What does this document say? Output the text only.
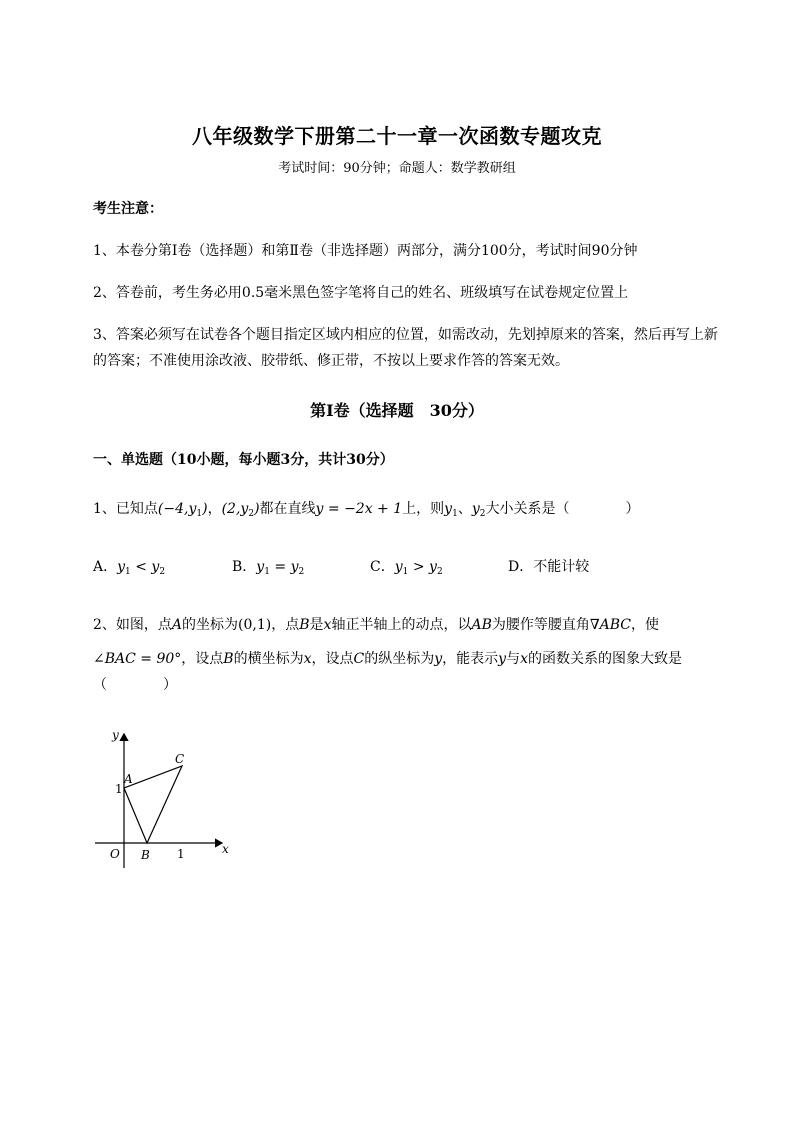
八年级数学下册第二十一章一次函数专题攻克
考试时间：90分钟；命题人：数学教研组
考生注意：
1、本卷分第I卷（选择题）和第Ⅱ卷（非选择题）两部分，满分100分，考试时间90分钟
2、答卷前，考生务必用0.5毫米黑色签字笔将自己的姓名、班级填写在试卷规定位置上
3、答案必须写在试卷各个题目指定区域内相应的位置，如需改动，先划掉原来的答案，然后再写上新
的答案；不准使用涂改液、胶带纸、修正带，不按以上要求作答的答案无效。
第I卷（选择题　30分）
一、单选题（10小题，每小题3分，共计30分）
1、已知点$(-4,y_1)$，$(2,y_2)$都在直线y = −2x + 1上，则$y_1$、$y_2$大小关系是（　　　　）
A．$y_1 < y_2$	B．$y_1 = y_2$	C．$y_1 > y_2$	D．不能计较
2、如图，点A的坐标为(0,1)，点B是x轴正半轴上的动点，以AB为腰作等腰直角∇ABC，使
∠BAC = 90°，设点B的横坐标为x，设点C的纵坐标为y，能表示y与x的函数关系的图象大致是
（　　　　）
y
x
O
A
B
C
1
1
